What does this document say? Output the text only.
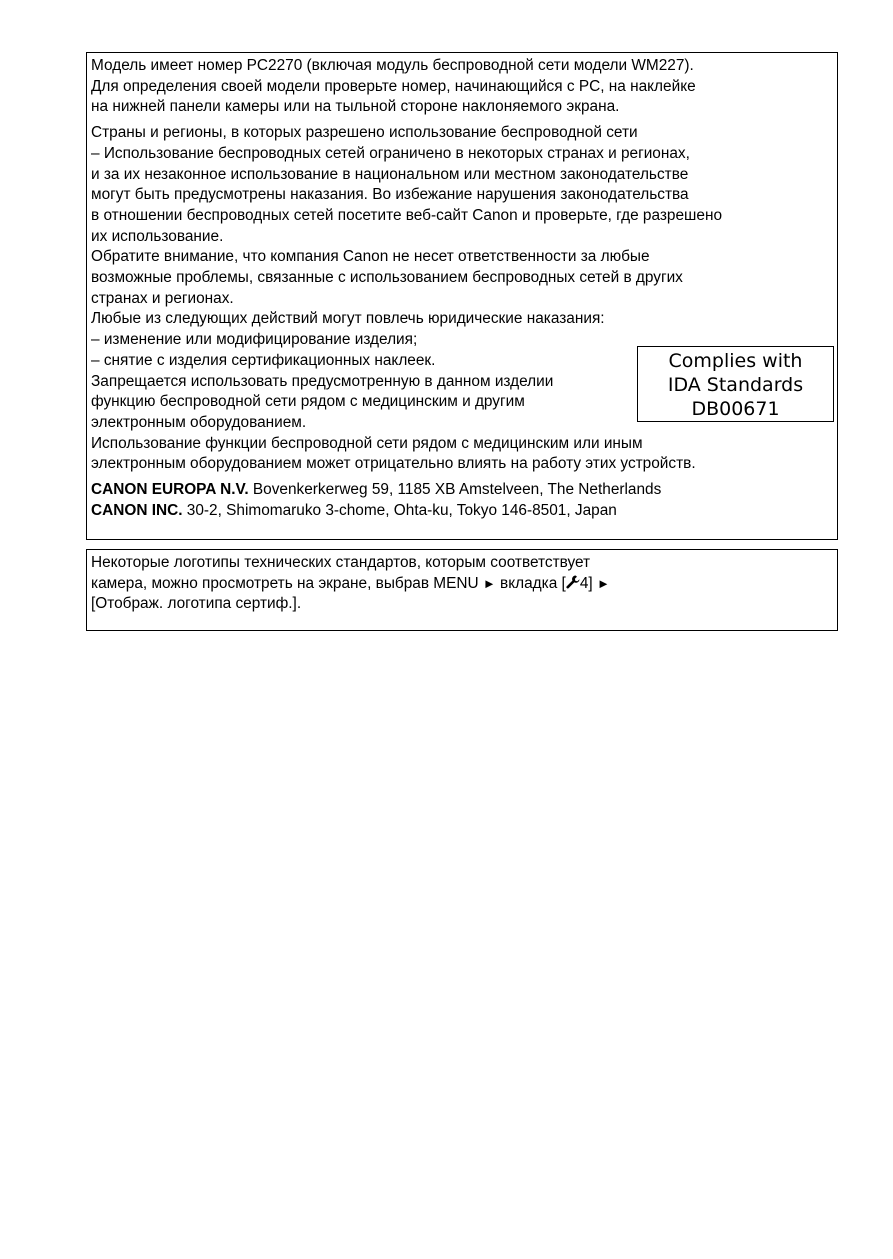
Модель имеет номер PC2270 (включая модуль беспроводной сети модели WM227).
Для определения своей модели проверьте номер, начинающийся с PC, на наклейке
на нижней панели камеры или на тыльной стороне наклоняемого экрана.

Страны и регионы, в которых разрешено использование беспроводной сети
– Использование беспроводных сетей ограничено в некоторых странах и регионах,
и за их незаконное использование в национальном или местном законодательстве
могут быть предусмотрены наказания. Во избежание нарушения законодательства
в отношении беспроводных сетей посетите веб-сайт Canon и проверьте, где разрешено
их использование.
Обратите внимание, что компания Canon не несет ответственности за любые
возможные проблемы, связанные с использованием беспроводных сетей в других
странах и регионах.
Любые из следующих действий могут повлечь юридические наказания:
– изменение или модифицирование изделия;
– снятие с изделия сертификационных наклеек.
Запрещается использовать предусмотренную в данном изделии
функцию беспроводной сети рядом с медицинским и другим
электронным оборудованием.
Использование функции беспроводной сети рядом с медицинским или иным
электронным оборудованием может отрицательно влиять на работу этих устройств.

CANON EUROPA N.V. Bovenkerkerweg 59, 1185 XB Amstelveen, The Netherlands
CANON INC. 30-2, Shimomaruko 3-chome, Ohta-ku, Tokyo 146-8501, Japan

Complies with
IDA Standards
DB00671
Некоторые логотипы технических стандартов, которым соответствует
камера, можно просмотреть на экране, выбрав MENU ► вкладка [ 4] ►
[Отображ. логотипа сертиф.].
